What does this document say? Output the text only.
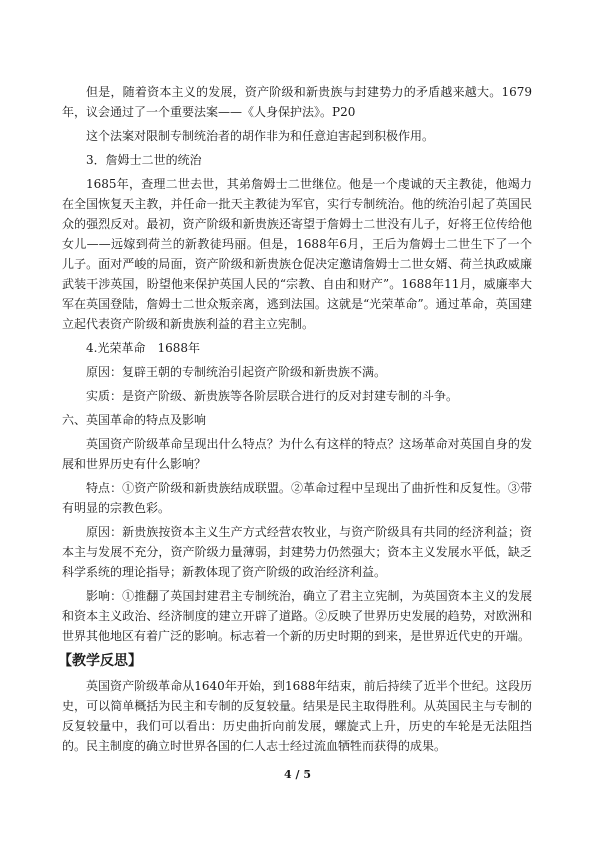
但是，随着资本主义的发展，资产阶级和新贵族与封建势力的矛盾越来越大。1679年，议会通过了一个重要法案——《人身保护法》。P20

这个法案对限制专制统治者的胡作非为和任意迫害起到积极作用。

3．詹姆士二世的统治

1685年，查理二世去世，其弟詹姆士二世继位。他是一个虔诚的天主教徒，他竭力在全国恢复天主教，并任命一批天主教徒为军官，实行专制统治。他的统治引起了英国民众的强烈反对。最初，资产阶级和新贵族还寄望于詹姆士二世没有儿子，好将王位传给他女儿——远嫁到荷兰的新教徒玛丽。但是，1688年6月，王后为詹姆士二世生下了一个儿子。面对严峻的局面，资产阶级和新贵族仓促决定邀请詹姆士二世女婿、荷兰执政威廉武装干涉英国，盼望他来保护英国人民的“宗教、自由和财产”。1688年11月，威廉率大军在英国登陆，詹姆士二世众叛亲离，逃到法国。这就是“光荣革命”。通过革命，英国建立起代表资产阶级和新贵族利益的君主立宪制。

4.光荣革命　1688年

原因：复辟王朝的专制统治引起资产阶级和新贵族不满。

实质：是资产阶级、新贵族等各阶层联合进行的反对封建专制的斗争。

六、英国革命的特点及影响

英国资产阶级革命呈现出什么特点？为什么有这样的特点？这场革命对英国自身的发展和世界历史有什么影响？

特点：①资产阶级和新贵族结成联盟。②革命过程中呈现出了曲折性和反复性。③带有明显的宗教色彩。

原因：新贵族按资本主义生产方式经营农牧业，与资产阶级具有共同的经济利益；资本主与发展不充分，资产阶级力量薄弱，封建势力仍然强大；资本主义发展水平低，缺乏科学系统的理论指导；新教体现了资产阶级的政治经济利益。

影响：①推翻了英国封建君主专制统治，确立了君主立宪制，为英国资本主义的发展和资本主义政治、经济制度的建立开辟了道路。②反映了世界历史发展的趋势，对欧洲和世界其他地区有着广泛的影响。标志着一个新的历史时期的到来，是世界近代史的开端。

【教学反思】

英国资产阶级革命从1640年开始，到1688年结束，前后持续了近半个世纪。这段历史，可以简单概括为民主和专制的反复较量。结果是民主取得胜利。从英国民主与专制的反复较量中，我们可以看出：历史曲折向前发展，螺旋式上升，历史的车轮是无法阻挡的。民主制度的确立时世界各国的仁人志士经过流血牺牲而获得的成果。

4 / 5
